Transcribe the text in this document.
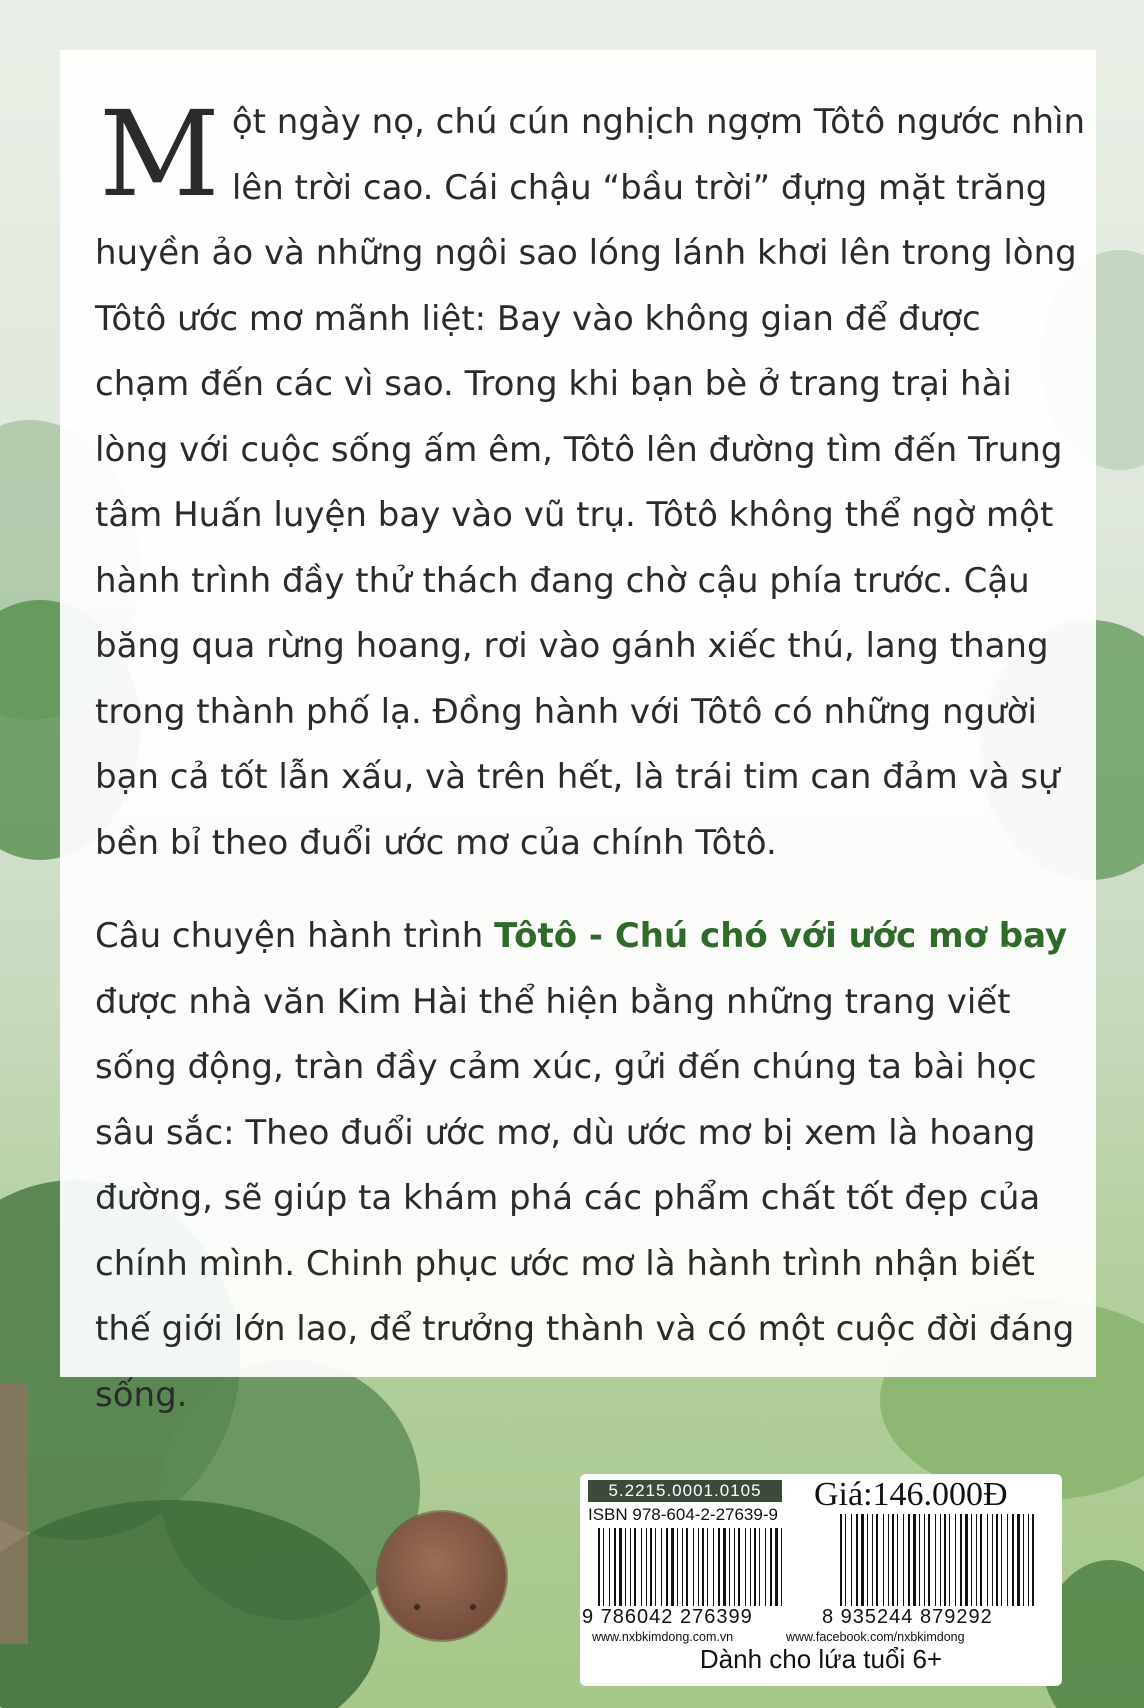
Một ngày nọ, chú cún nghịch ngợm Tôtô ngước nhìn lên trời cao. Cái chậu “bầu trời” đựng mặt trăng huyền ảo và những ngôi sao lóng lánh khơi lên trong lòng Tôtô ước mơ mãnh liệt: Bay vào không gian để được chạm đến các vì sao. Trong khi bạn bè ở trang trại hài lòng với cuộc sống ấm êm, Tôtô lên đường tìm đến Trung tâm Huấn luyện bay vào vũ trụ. Tôtô không thể ngờ một hành trình đầy thử thách đang chờ cậu phía trước. Cậu băng qua rừng hoang, rơi vào gánh xiếc thú, lang thang trong thành phố lạ. Đồng hành với Tôtô có những người bạn cả tốt lẫn xấu, và trên hết, là trái tim can đảm và sự bền bỉ theo đuổi ước mơ của chính Tôtô.
Câu chuyện hành trình Tôtô - Chú chó với ước mơ bay được nhà văn Kim Hài thể hiện bằng những trang viết sống động, tràn đầy cảm xúc, gửi đến chúng ta bài học sâu sắc: Theo đuổi ước mơ, dù ước mơ bị xem là hoang đường, sẽ giúp ta khám phá các phẩm chất tốt đẹp của chính mình. Chinh phục ước mơ là hành trình nhận biết thế giới lớn lao, để trưởng thành và có một cuộc đời đáng sống.
5.2215.0001.0105
ISBN 978-604-2-27639-9
Giá:146.000Đ
9 786042 276399	8 935244 879292
www.nxbkimdong.com.vn	www.facebook.com/nxbkimdong
Dành cho lứa tuổi 6+
